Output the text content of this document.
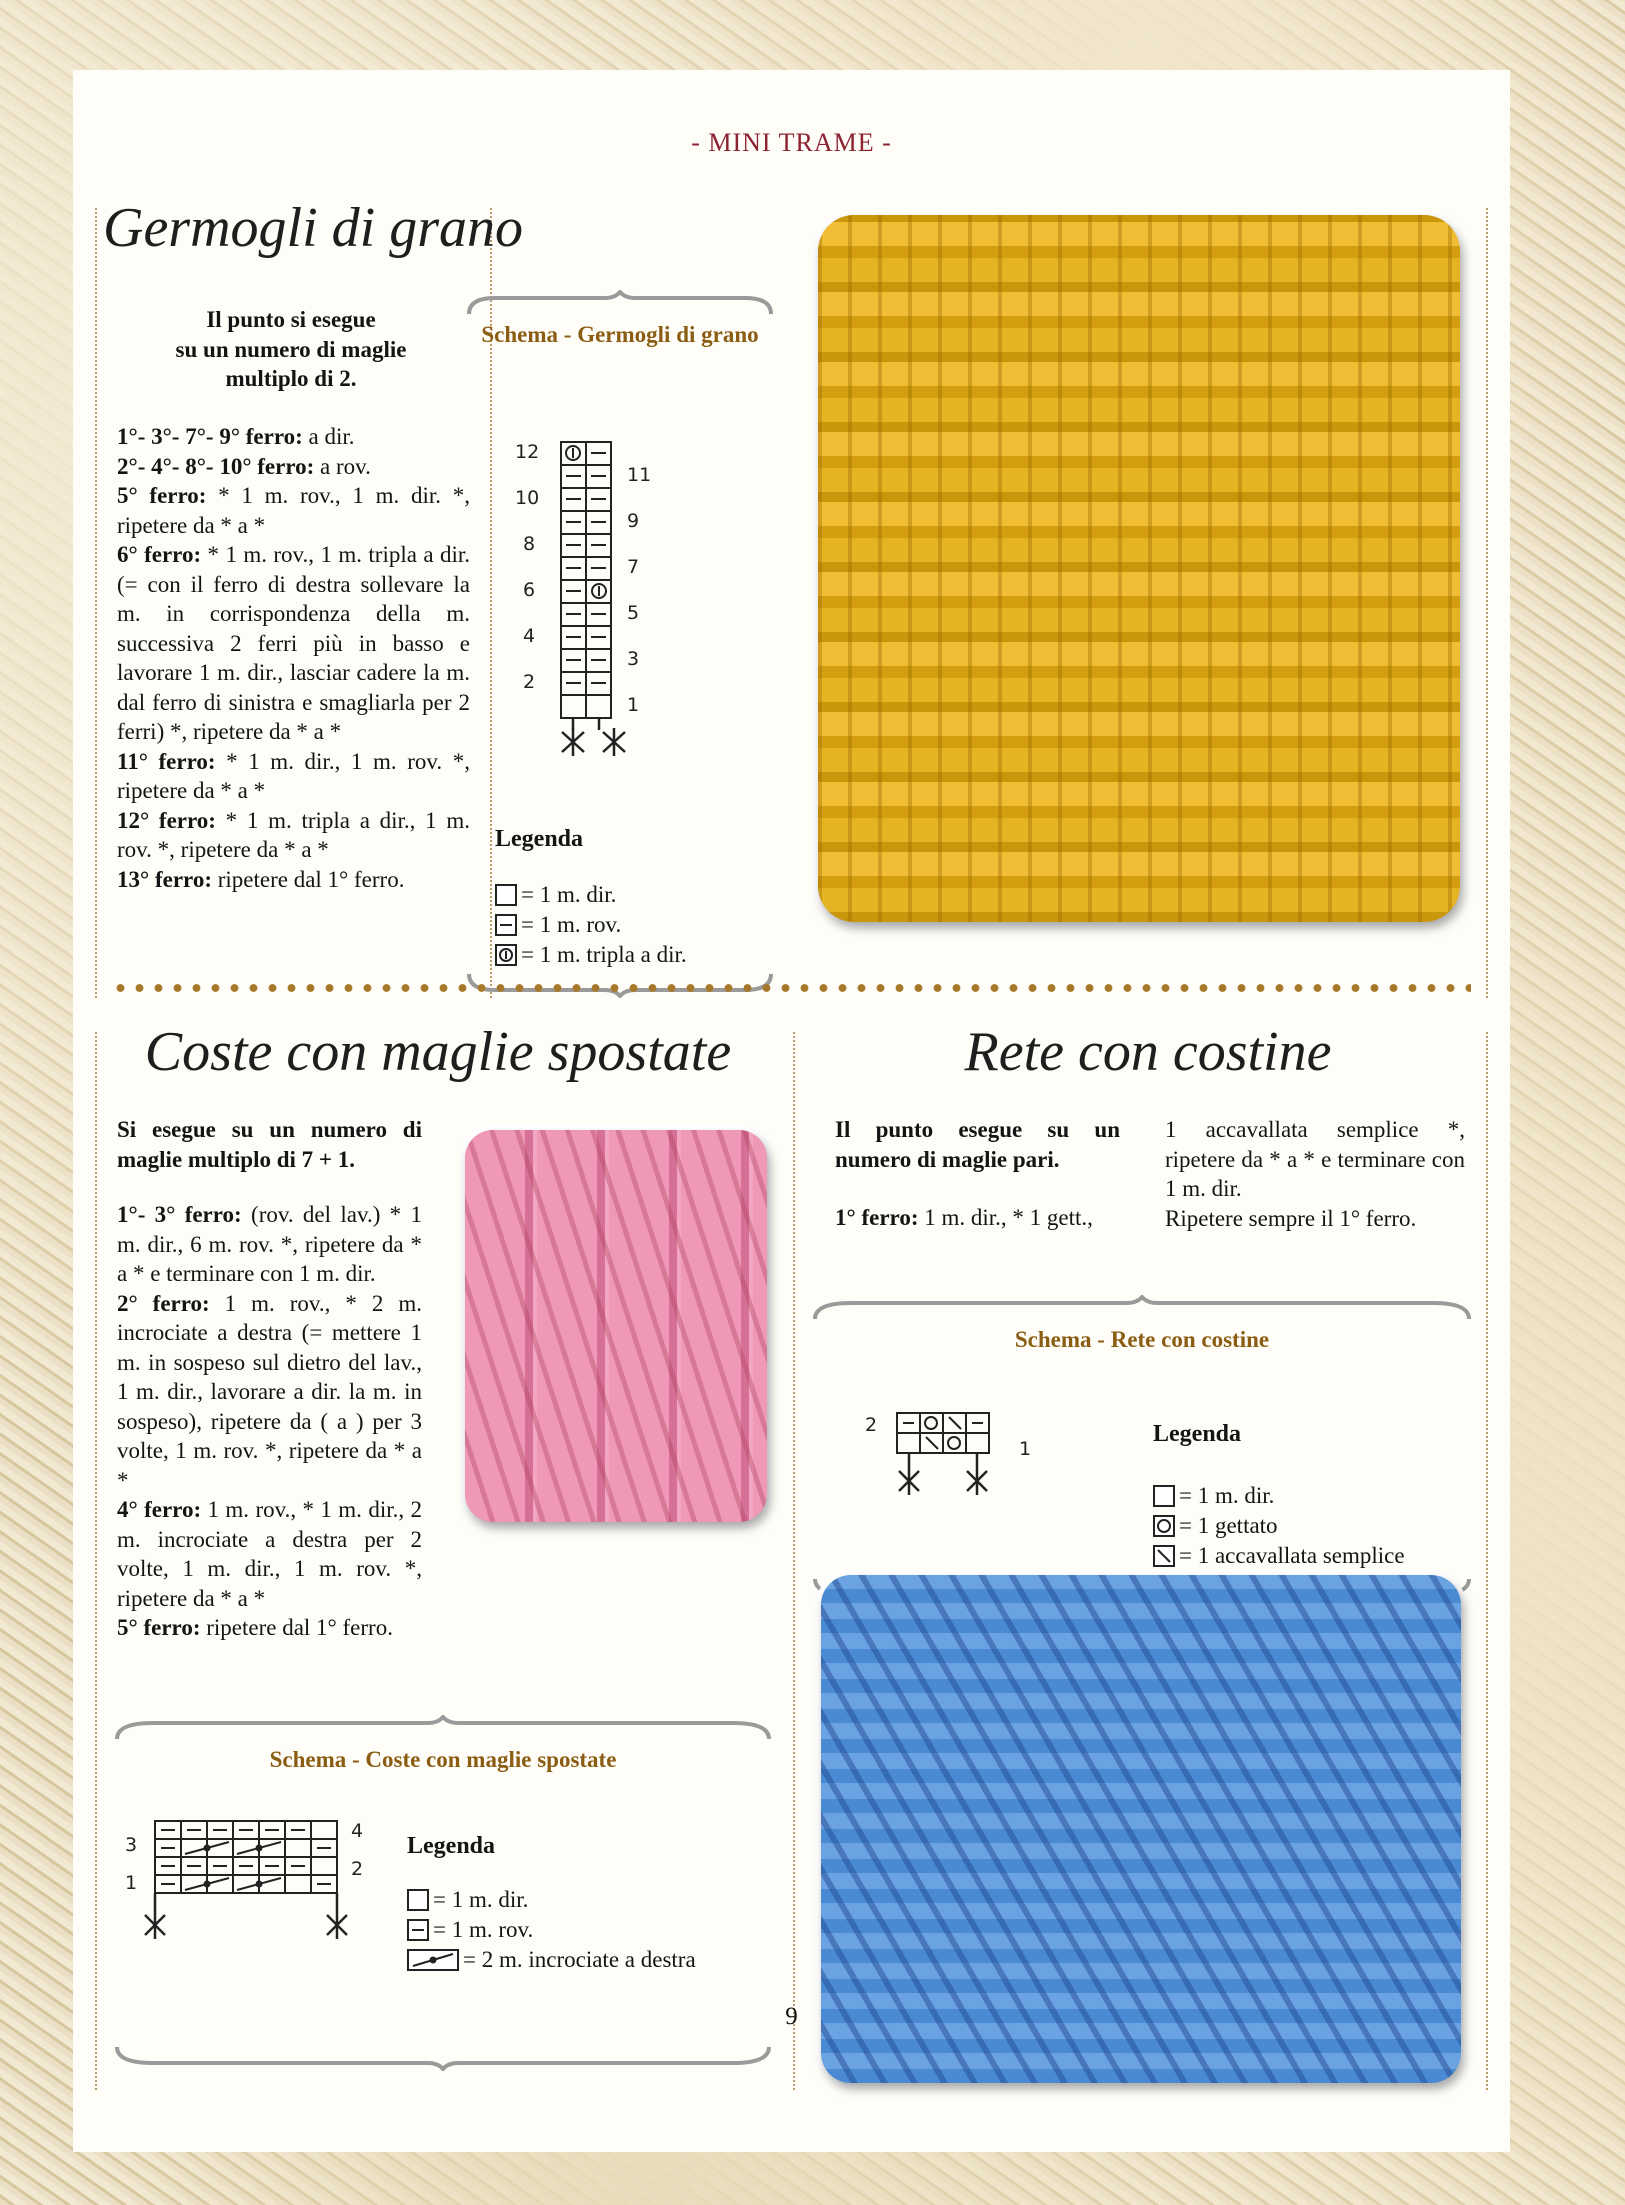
- MINI TRAME -
Germogli di grano

Il punto si esegue

su un numero di maglie

multiplo di 2.

1°- 3°- 7°- 9° ferro: a dir.

2°- 4°- 8°- 10° ferro: a rov.

5° ferro: * 1 m. rov., 1 m. dir. *, ripetere da * a *

6° ferro: * 1 m. rov., 1 m. tripla a dir. (= con il ferro di destra sollevare la m. in corrispondenza della m. successiva 2 ferri più in basso e lavorare 1 m. dir., lasciar cadere la m. dal ferro di sinistra e smagliarla per 2 ferri) *, ripetere da * a *

11° ferro: * 1 m. dir., 1 m. rov. *, ripetere da * a *

12° ferro: * 1 m. tripla a dir., 1 m. rov. *, ripetere da * a *

13° ferro: ripetere dal 1° ferro.

Schema - Germogli di grano
12
10
8
6
4
2
11
9
7
5
3
1
Legenda
= 1 m. dir.
= 1 m. rov.
= 1 m. tripla a dir.
Coste con maglie spostate

Si esegue su un numero di maglie multiplo di 7 + 1.

1°- 3° ferro: (rov. del lav.) * 1 m. dir., 6 m. rov. *, ripetere da * a * e terminare con 1 m. dir.

2° ferro: 1 m. rov., * 2 m. incrociate a destra (= mettere 1 m. in sospeso sul dietro del lav., 1 m. dir., lavorare a dir. la m. in sospeso), ripetere da ( a ) per 3 volte, 1 m. rov. *, ripetere da * a *

4° ferro: 1 m. rov., * 1 m. dir., 2 m. incrociate a destra per 2 volte, 1 m. dir., 1 m. rov. *, ripetere da * a *

5° ferro: ripetere dal 1° ferro.

Schema - Coste con maglie spostate
3
1
4
2
Legenda
= 1 m. dir.
= 1 m. rov.
= 2 m. incrociate a destra
Rete con costine

Il punto esegue su un numero di maglie pari.

1° ferro: 1 m. dir., * 1 gett.,

1 accavallata semplice *, ripetere da * a * e terminare con 1 m. dir.

Ripetere sempre il 1° ferro.

Schema - Rete con costine
2
1
Legenda
= 1 m. dir.
= 1 gettato
= 1 accavallata semplice
9
